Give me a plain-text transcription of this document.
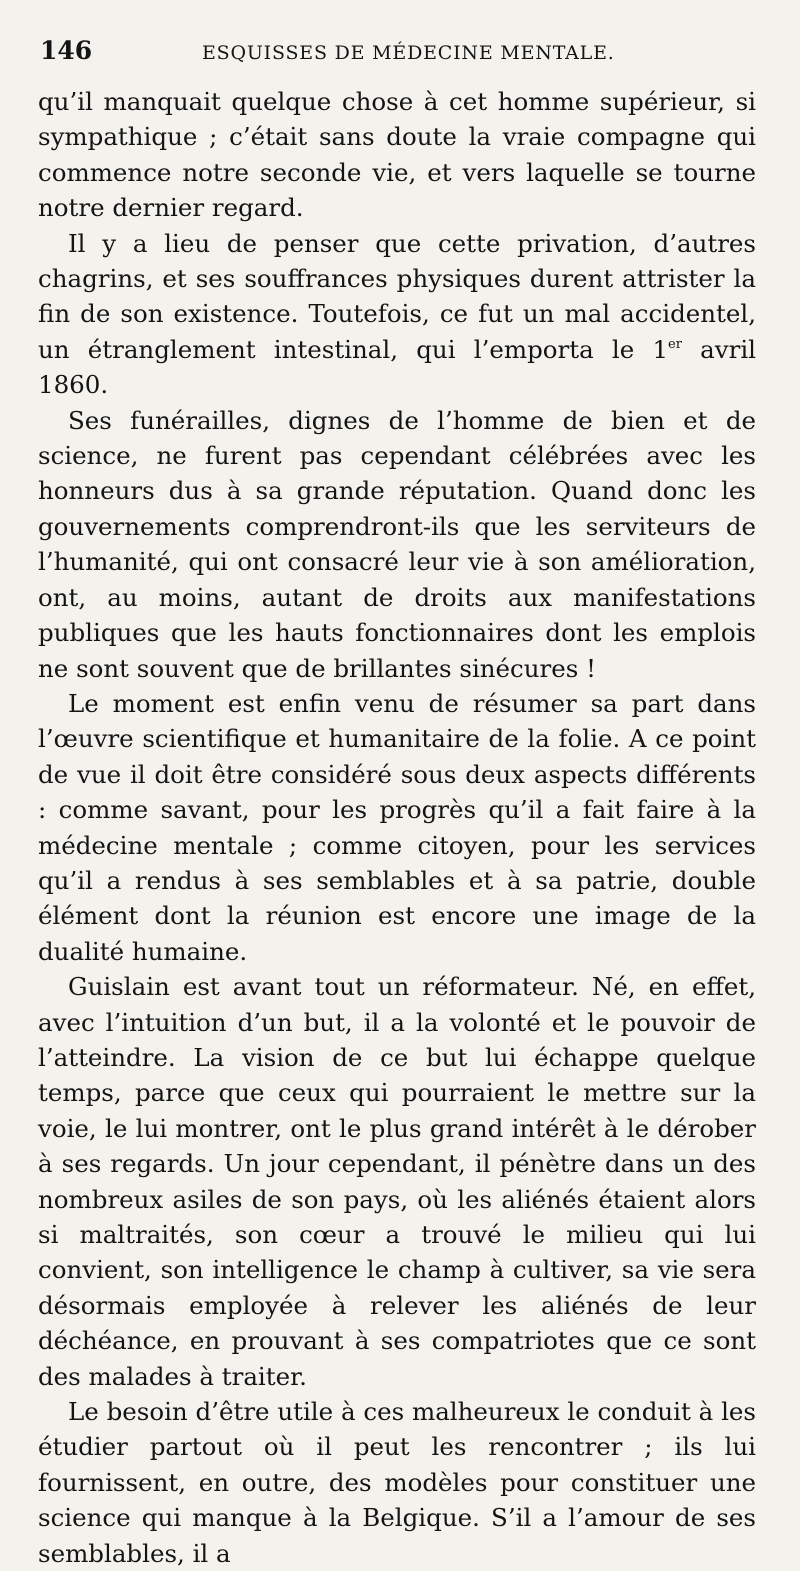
146	ESQUISSES DE MÉDECINE MENTALE.

qu’il manquait quelque chose à cet homme supérieur, si sympathique ; c’était sans doute la vraie compagne qui commence notre seconde vie, et vers laquelle se tourne notre dernier regard.

Il y a lieu de penser que cette privation, d’autres chagrins, et ses souffrances physiques durent attrister la fin de son existence. Toutefois, ce fut un mal accidentel, un étranglement intestinal, qui l’emporta le 1er avril 1860.

Ses funérailles, dignes de l’homme de bien et de science, ne furent pas cependant célébrées avec les honneurs dus à sa grande réputation. Quand donc les gouvernements comprendront-ils que les serviteurs de l’humanité, qui ont consacré leur vie à son amélioration, ont, au moins, autant de droits aux manifestations publiques que les hauts fonctionnaires dont les emplois ne sont souvent que de brillantes sinécures !

Le moment est enfin venu de résumer sa part dans l’œuvre scientifique et humanitaire de la folie. A ce point de vue il doit être considéré sous deux aspects différents : comme savant, pour les progrès qu’il a fait faire à la médecine mentale ; comme citoyen, pour les services qu’il a rendus à ses semblables et à sa patrie, double élément dont la réunion est encore une image de la dualité humaine.

Guislain est avant tout un réformateur. Né, en effet, avec l’intuition d’un but, il a la volonté et le pouvoir de l’atteindre. La vision de ce but lui échappe quelque temps, parce que ceux qui pourraient le mettre sur la voie, le lui montrer, ont le plus grand intérêt à le dérober à ses regards. Un jour cependant, il pénètre dans un des nombreux asiles de son pays, où les aliénés étaient alors si maltraités, son cœur a trouvé le milieu qui lui convient, son intelligence le champ à cultiver, sa vie sera désormais employée à relever les aliénés de leur déchéance, en prouvant à ses compatriotes que ce sont des malades à traiter.

Le besoin d’être utile à ces malheureux le conduit à les étudier partout où il peut les rencontrer ; ils lui fournissent, en outre, des modèles pour constituer une science qui manque à la Belgique. S’il a l’amour de ses semblables, il a
